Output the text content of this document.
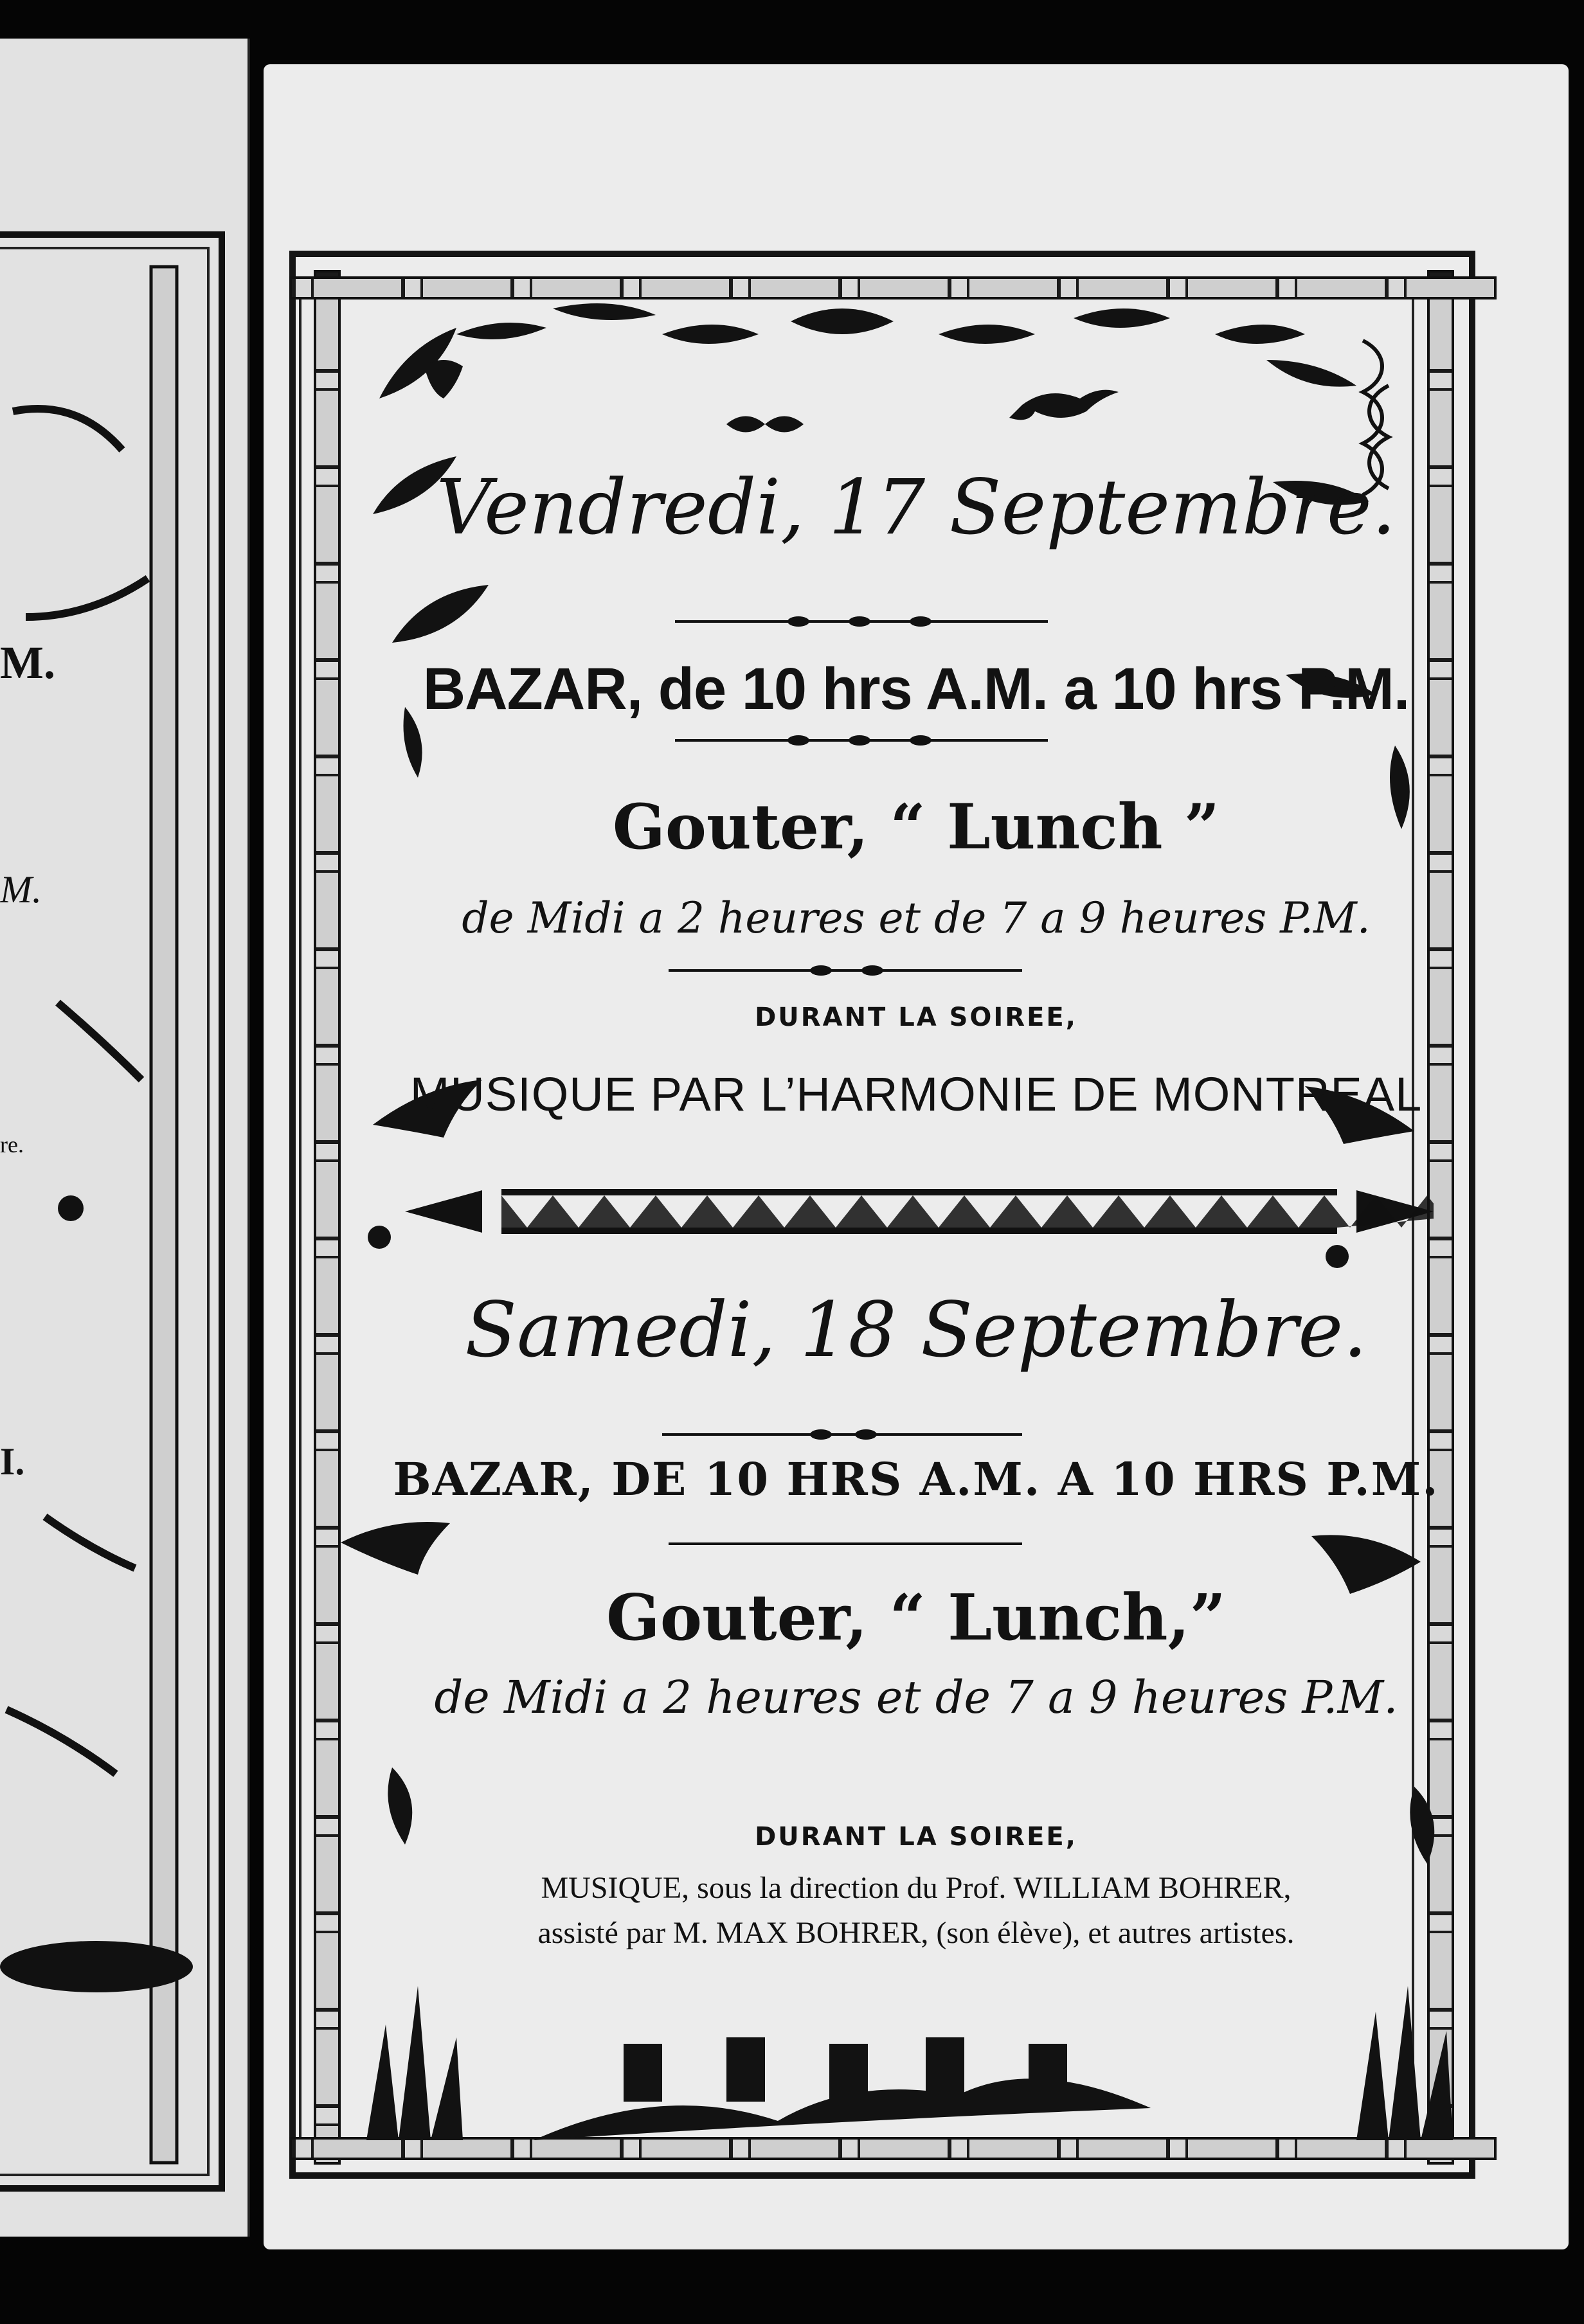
M.
M.
re.
I.
Vendredi, 17 Septembre.
BAZAR, de 10 hrs A.M. a 10 hrs P.M.
Gouter, “ Lunch ”
de Midi a 2 heures et de 7 a 9 heures P.M.
DURANT LA SOIREE,
MUSIQUE PAR L’HARMONIE DE MONTREAL
Samedi, 18 Septembre.
BAZAR, DE 10 HRS A.M. A 10 HRS P.M.
Gouter, “ Lunch,”
de Midi a 2 heures et de 7 a 9 heures P.M.
DURANT LA SOIREE,
MUSIQUE, sous la direction du Prof. WILLIAM BOHRER,
assisté par M. MAX BOHRER, (son élève), et autres artistes.
